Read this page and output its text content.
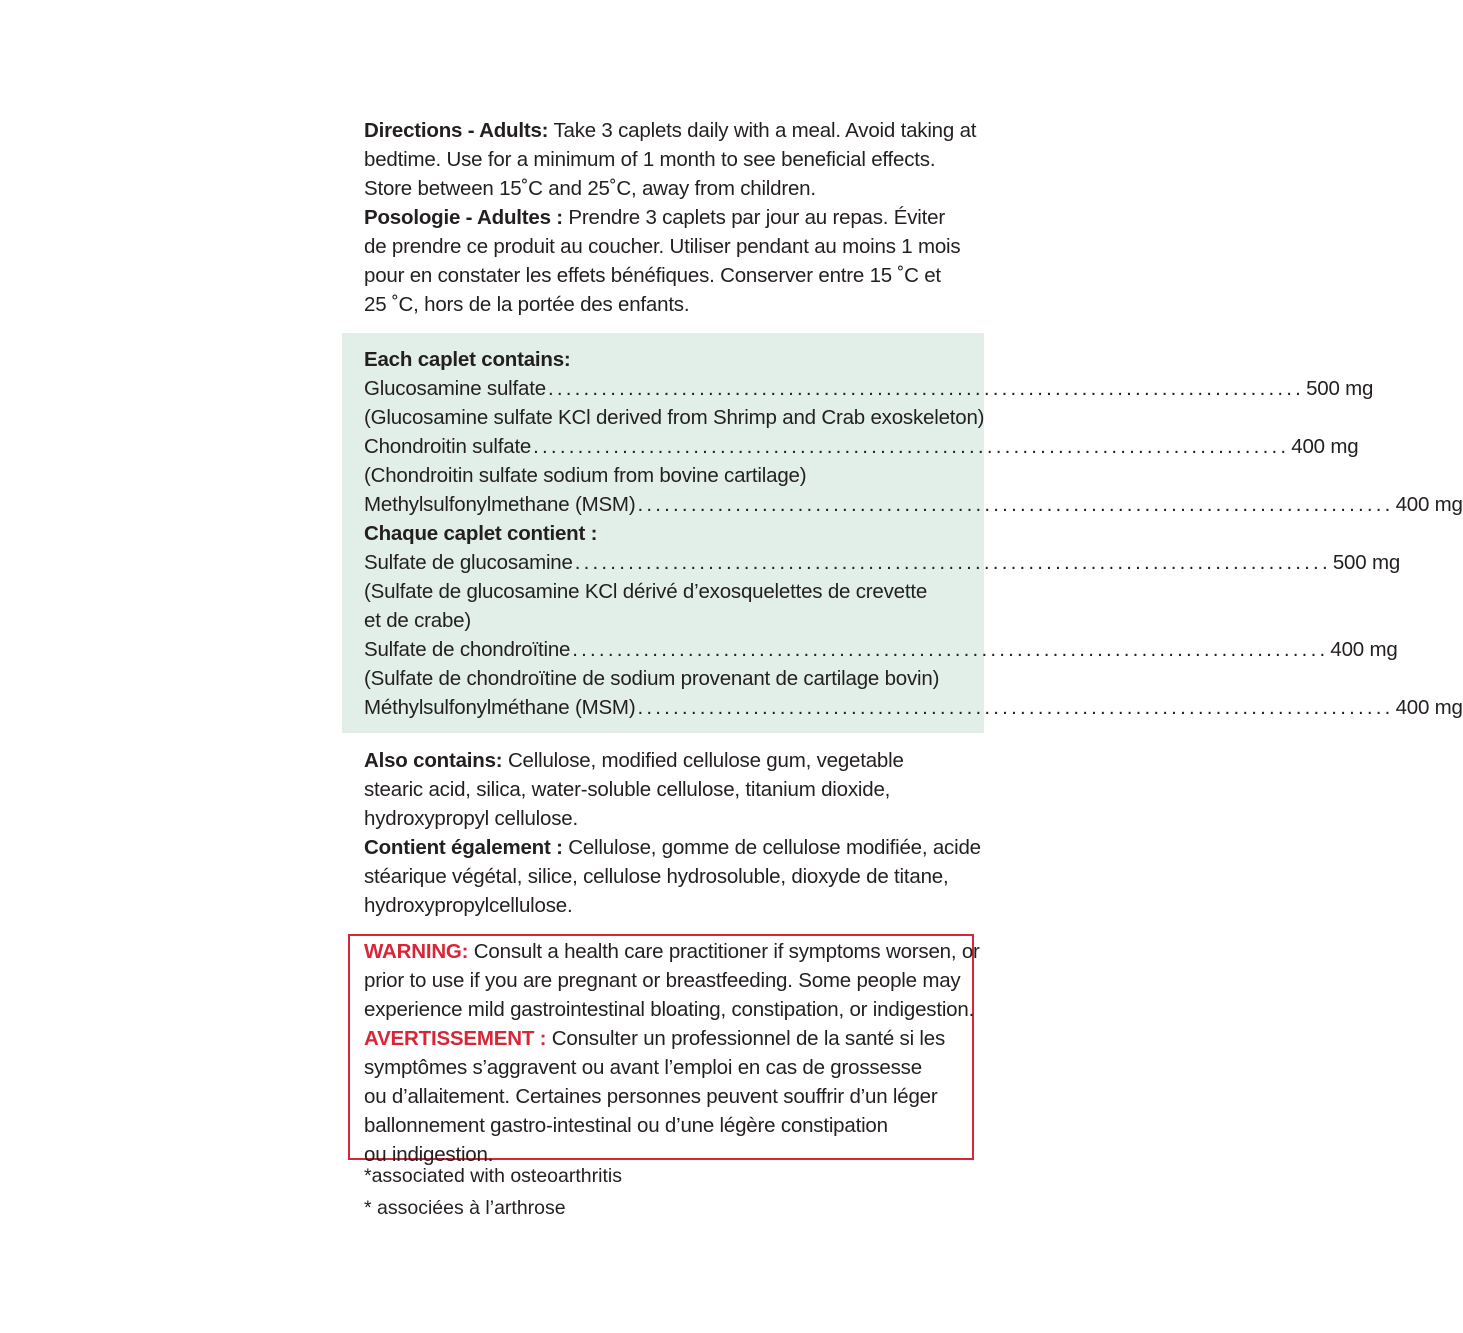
Directions - Adults: Take 3 caplets daily with a meal. Avoid taking at
bedtime. Use for a minimum of 1 month to see beneficial effects.
Store between 15˚C and 25˚C, away from children.
Posologie - Adultes : Prendre 3 caplets par jour au repas. Éviter
de prendre ce produit au coucher. Utiliser pendant au moins 1 mois
pour en constater les effets bénéfiques. Conserver entre 15 ˚C et
25 ˚C, hors de la portée des enfants.
Each caplet contains:
Glucosamine sulfate ..................................................................................... 500 mg
(Glucosamine sulfate KCl derived from Shrimp and Crab exoskeleton)
Chondroitin sulfate ..................................................................................... 400 mg
(Chondroitin sulfate sodium from bovine cartilage)
Methylsulfonylmethane (MSM) ..................................................................................... 400 mg
Chaque caplet contient :
Sulfate de glucosamine ..................................................................................... 500 mg
(Sulfate de glucosamine KCl dérivé d’exosquelettes de crevette
et de crabe)
Sulfate de chondroïtine ..................................................................................... 400 mg
(Sulfate de chondroïtine de sodium provenant de cartilage bovin)
Méthylsulfonylméthane (MSM) ..................................................................................... 400 mg
Also contains: Cellulose, modified cellulose gum, vegetable
stearic acid, silica, water-soluble cellulose, titanium dioxide,
hydroxypropyl cellulose.
Contient également : Cellulose, gomme de cellulose modifiée, acide
stéarique végétal, silice, cellulose hydrosoluble, dioxyde de titane,
hydroxypropylcellulose.
WARNING: Consult a health care practitioner if symptoms worsen, or
prior to use if you are pregnant or breastfeeding. Some people may
experience mild gastrointestinal bloating, constipation, or indigestion.
AVERTISSEMENT : Consulter un professionnel de la santé si les
symptômes s’aggravent ou avant l’emploi en cas de grossesse
ou d’allaitement. Certaines personnes peuvent souffrir d’un léger
ballonnement gastro-intestinal ou d’une légère constipation
ou indigestion.
*associated with osteoarthritis
* associées à l’arthrose
